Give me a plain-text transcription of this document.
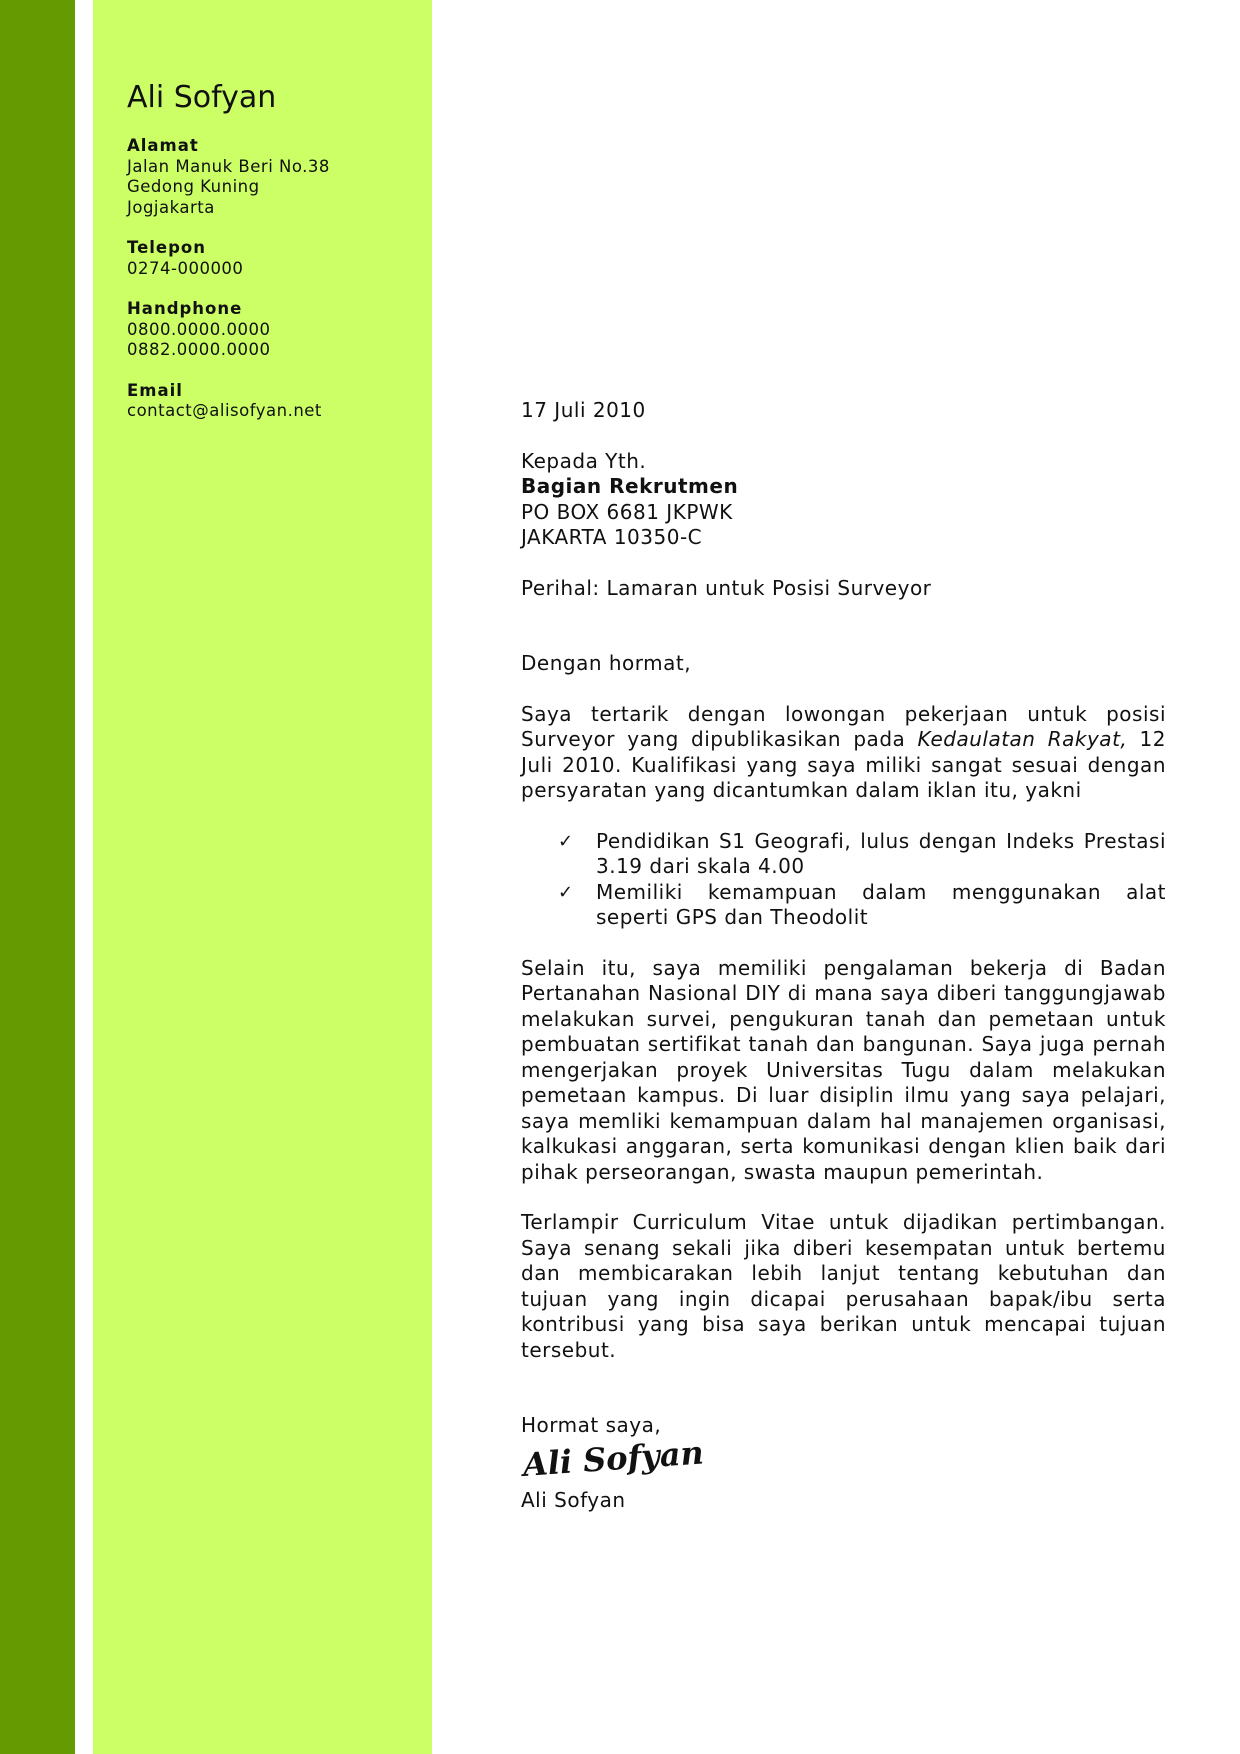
Ali Sofyan
Alamat
Jalan Manuk Beri No.38
Gedong Kuning
Jogjakarta
Telepon
0274-000000
Handphone
0800.0000.0000
0882.0000.0000
Email
contact@alisofyan.net	17 Juli 2010

Kepada Yth.
Bagian Rekrutmen
PO BOX 6681 JKPWK
JAKARTA 10350-C

Perihal: Lamaran untuk Posisi Surveyor

Dengan hormat,

Saya tertarik dengan lowongan pekerjaan untuk posisi Surveyor yang dipublikasikan pada Kedaulatan Rakyat, 12 Juli 2010. Kualifikasi yang saya miliki sangat sesuai dengan persyaratan yang dicantumkan dalam iklan itu, yakni

✓ Pendidikan S1 Geografi, lulus dengan Indeks Prestasi 3.19 dari skala 4.00
✓ Memiliki kemampuan dalam menggunakan alat seperti GPS dan Theodolit

Selain itu, saya memiliki pengalaman bekerja di Badan Pertanahan Nasional DIY di mana saya diberi tanggungjawab melakukan survei, pengukuran tanah dan pemetaan untuk pembuatan sertifikat tanah dan bangunan. Saya juga pernah mengerjakan proyek Universitas Tugu dalam melakukan pemetaan kampus. Di luar disiplin ilmu yang saya pelajari, saya memliki kemampuan dalam hal manajemen organisasi, kalkukasi anggaran, serta komunikasi dengan klien baik dari pihak perseorangan, swasta maupun pemerintah.

Terlampir Curriculum Vitae untuk dijadikan pertimbangan. Saya senang sekali jika diberi kesempatan untuk bertemu dan membicarakan lebih lanjut tentang kebutuhan dan tujuan yang ingin dicapai perusahaan bapak/ibu serta kontribusi yang bisa saya berikan untuk mencapai tujuan tersebut.

Hormat saya,

Ali Sofyan

Ali Sofyan
